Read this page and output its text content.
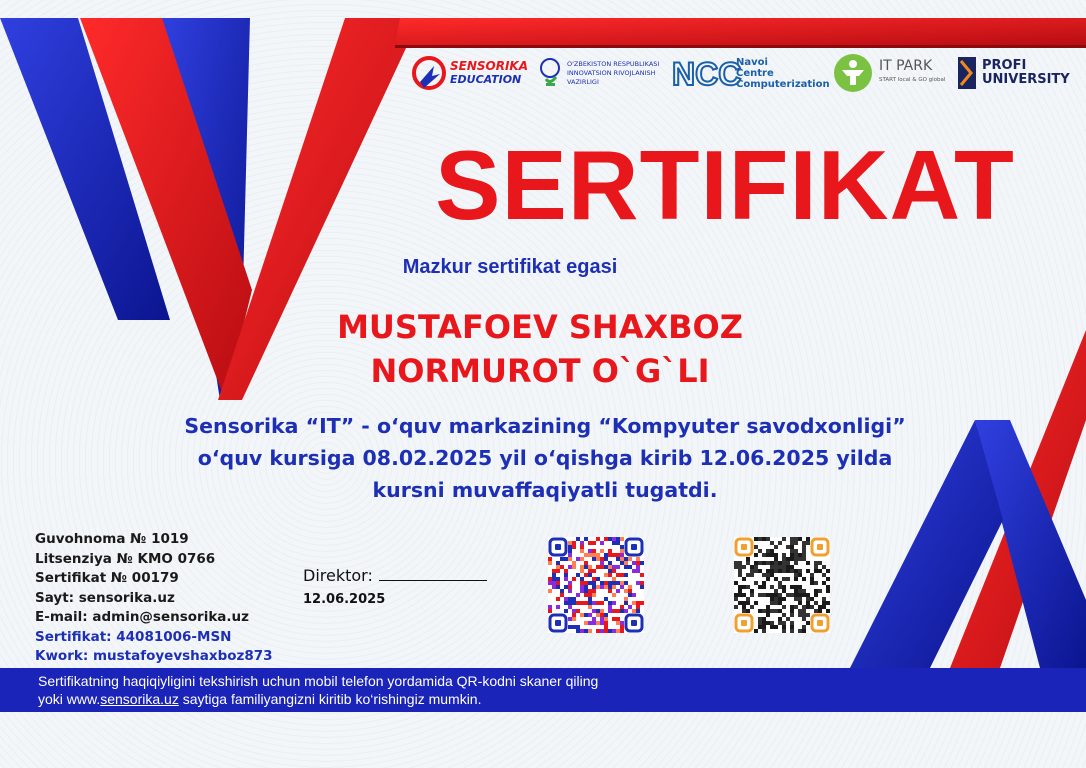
SENSORIKA
EDUCATION
O'ZBEKISTON RESPUBLIKASI
INNOVATSION RIVOJLANISH
VAZIRLIGI	NCC
Navoi
Centre
Computerization
IT PARK
START local & GO global
PROFI
UNIVERSITY
SERTIFIKAT
Mazkur sertifikat egasi
MUSTAFOEV SHAXBOZ
NORMUROT O`G`LI
Sensorika “IT” - o‘quv markazining “Kompyuter savodxonligi”
o‘quv kursiga 08.02.2025 yil o‘qishga kirib 12.06.2025 yilda
kursni muvaffaqiyatli tugatdi.
Guvohnoma № 1019
Litsenziya № KMO 0766
Sertifikat № 00179
Sayt: sensorika.uz
E-mail: admin@sensorika.uz
Sertifikat: 44081006-MSN
Kwork: mustafoyevshaxboz873
Direktor:
12.06.2025
Sertifikatning haqiqiyligini tekshirish uchun mobil telefon yordamida QR-kodni skaner qiling
yoki www.sensorika.uz saytiga familiyangizni kiritib ko‘rishingiz mumkin.
